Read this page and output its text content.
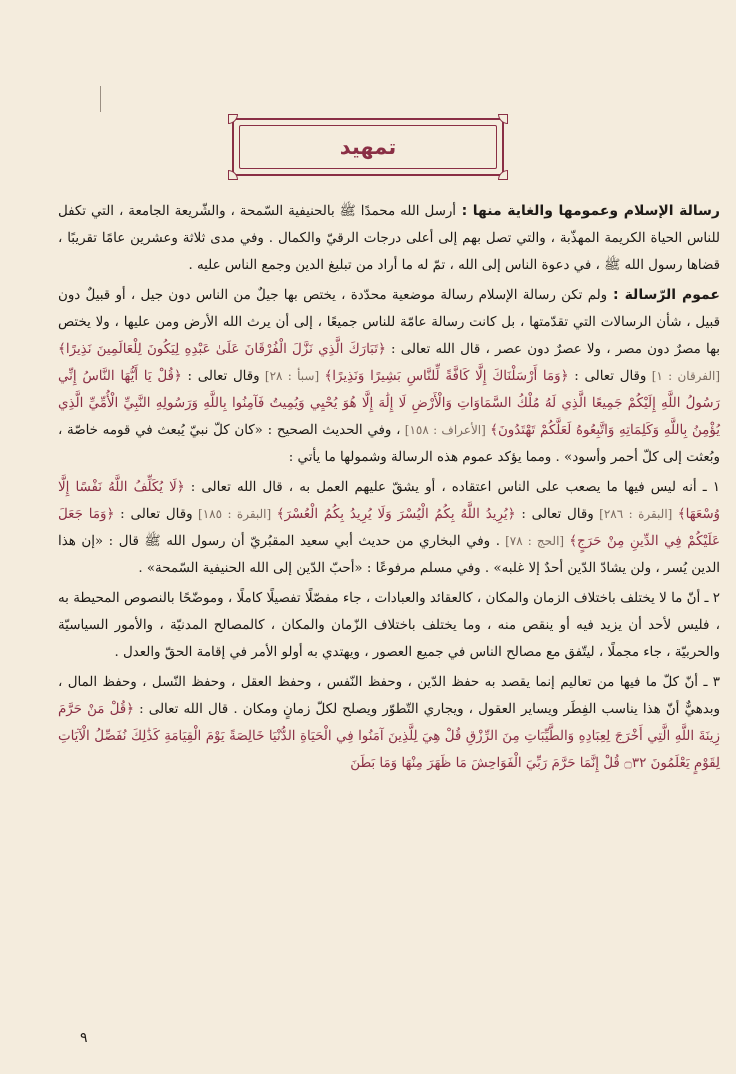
تمهيد

رسالة الإسلام وعمومها والغاية منها : أرسل الله محمدًا ﷺ بالحنيفية السّمحة ، والشّريعة الجامعة ، التي تكفل للناس الحياة الكريمة المهذّبة ، والتي تصل بهم إلى أعلى درجات الرقيّ والكمال . وفي مدى ثلاثة وعشرين عامًا تقريبًا ، قضاها رسول الله ﷺ ، في دعوة الناس إلى الله ، تمّ له ما أراد من تبليغ الدين وجمع الناس عليه .

عموم الرّسالة : ولم تكن رسالة الإسلام رسالة موضعية محدّدة ، يختص بها جيلٌ من الناس دون جيل ، أو قبيلٌ دون قبيل ، شأن الرسالات التي تقدّمتها ، بل كانت رسالة عامّة للناس جميعًا ، إلى أن يرث الله الأرض ومن عليها ، ولا يختص بها مصرٌ دون مصر ، ولا عصرٌ دون عصر ، قال الله تعالى : ﴿تَبَارَكَ الَّذِي نَزَّلَ الْفُرْقَانَ عَلَىٰ عَبْدِهِ لِيَكُونَ لِلْعَالَمِينَ نَذِيرًا﴾ [الفرقان : ١] وقال تعالى : ﴿وَمَا أَرْسَلْنَاكَ إِلَّا كَافَّةً لِّلنَّاسِ بَشِيرًا وَنَذِيرًا﴾ [سبأ : ٢٨] وقال تعالى : ﴿قُلْ يَا أَيُّهَا النَّاسُ إِنِّي رَسُولُ اللَّهِ إِلَيْكُمْ جَمِيعًا الَّذِي لَهُ مُلْكُ السَّمَاوَاتِ وَالْأَرْضِ لَا إِلَٰهَ إِلَّا هُوَ يُحْيِي وَيُمِيتُ فَآمِنُوا بِاللَّهِ وَرَسُولِهِ النَّبِيِّ الْأُمِّيِّ الَّذِي يُؤْمِنُ بِاللَّهِ وَكَلِمَاتِهِ وَاتَّبِعُوهُ لَعَلَّكُمْ تَهْتَدُونَ﴾ [الأعراف : ١٥٨] ، وفي الحديث الصحيح : «كان كلّ نبيّ يُبعث في قومه خاصّة ، وبُعثت إلى كلّ أحمر وأسود» . ومما يؤكد عموم هذه الرسالة وشمولها ما يأتي :

١ ـ أنه ليس فيها ما يصعب على الناس اعتقاده ، أو يشقّ عليهم العمل به ، قال الله تعالى : ﴿لَا يُكَلِّفُ اللَّهُ نَفْسًا إِلَّا وُسْعَهَا﴾ [البقرة : ٢٨٦] وقال تعالى : ﴿يُرِيدُ اللَّهُ بِكُمُ الْيُسْرَ وَلَا يُرِيدُ بِكُمُ الْعُسْرَ﴾ [البقرة : ١٨٥] وقال تعالى : ﴿وَمَا جَعَلَ عَلَيْكُمْ فِي الدِّينِ مِنْ حَرَجٍ﴾ [الحج : ٧٨] . وفي البخاري من حديث أبي سعيد المقبُريّ أن رسول الله ﷺ قال : «إن هذا الدين يُسر ، ولن يشادّ الدّين أحدٌ إلا غلبه» . وفي مسلم مرفوعًا : «أحبّ الدّين إلى الله الحنيفية السّمحة» .

٢ ـ أنّ ما لا يختلف باختلاف الزمان والمكان ، كالعقائد والعبادات ، جاء مفصّلًا تفصيلًا كاملًا ، وموضّحًا بالنصوص المحيطة به ، فليس لأحد أن يزيد فيه أو ينقص منه ، وما يختلف باختلاف الزّمان والمكان ، كالمصالح المدنيّة ، والأمور السياسيّة والحربيّة ، جاء مجملًا ، ليتّفق مع مصالح الناس في جميع العصور ، ويهتدي به أولو الأمر في إقامة الحقّ والعدل .

٣ ـ أنّ كلّ ما فيها من تعاليم إنما يقصد به حفظ الدّين ، وحفظ النّفس ، وحفظ العقل ، وحفظ النّسل ، وحفظ المال ، وبدهيٌّ أنّ هذا يناسب الفِطَر ويساير العقول ، ويجاري التّطوّر ويصلح لكلّ زمانٍ ومكان . قال الله تعالى : ﴿قُلْ مَنْ حَرَّمَ زِينَةَ اللَّهِ الَّتِي أَخْرَجَ لِعِبَادِهِ وَالطَّيِّبَاتِ مِنَ الرِّزْقِ قُلْ هِيَ لِلَّذِينَ آمَنُوا فِي الْحَيَاةِ الدُّنْيَا خَالِصَةً يَوْمَ الْقِيَامَةِ كَذَٰلِكَ نُفَصِّلُ الْآيَاتِ لِقَوْمٍ يَعْلَمُونَ ۝٣٢ قُلْ إِنَّمَا حَرَّمَ رَبِّيَ الْفَوَاحِشَ مَا ظَهَرَ مِنْهَا وَمَا بَطَنَ

٩
